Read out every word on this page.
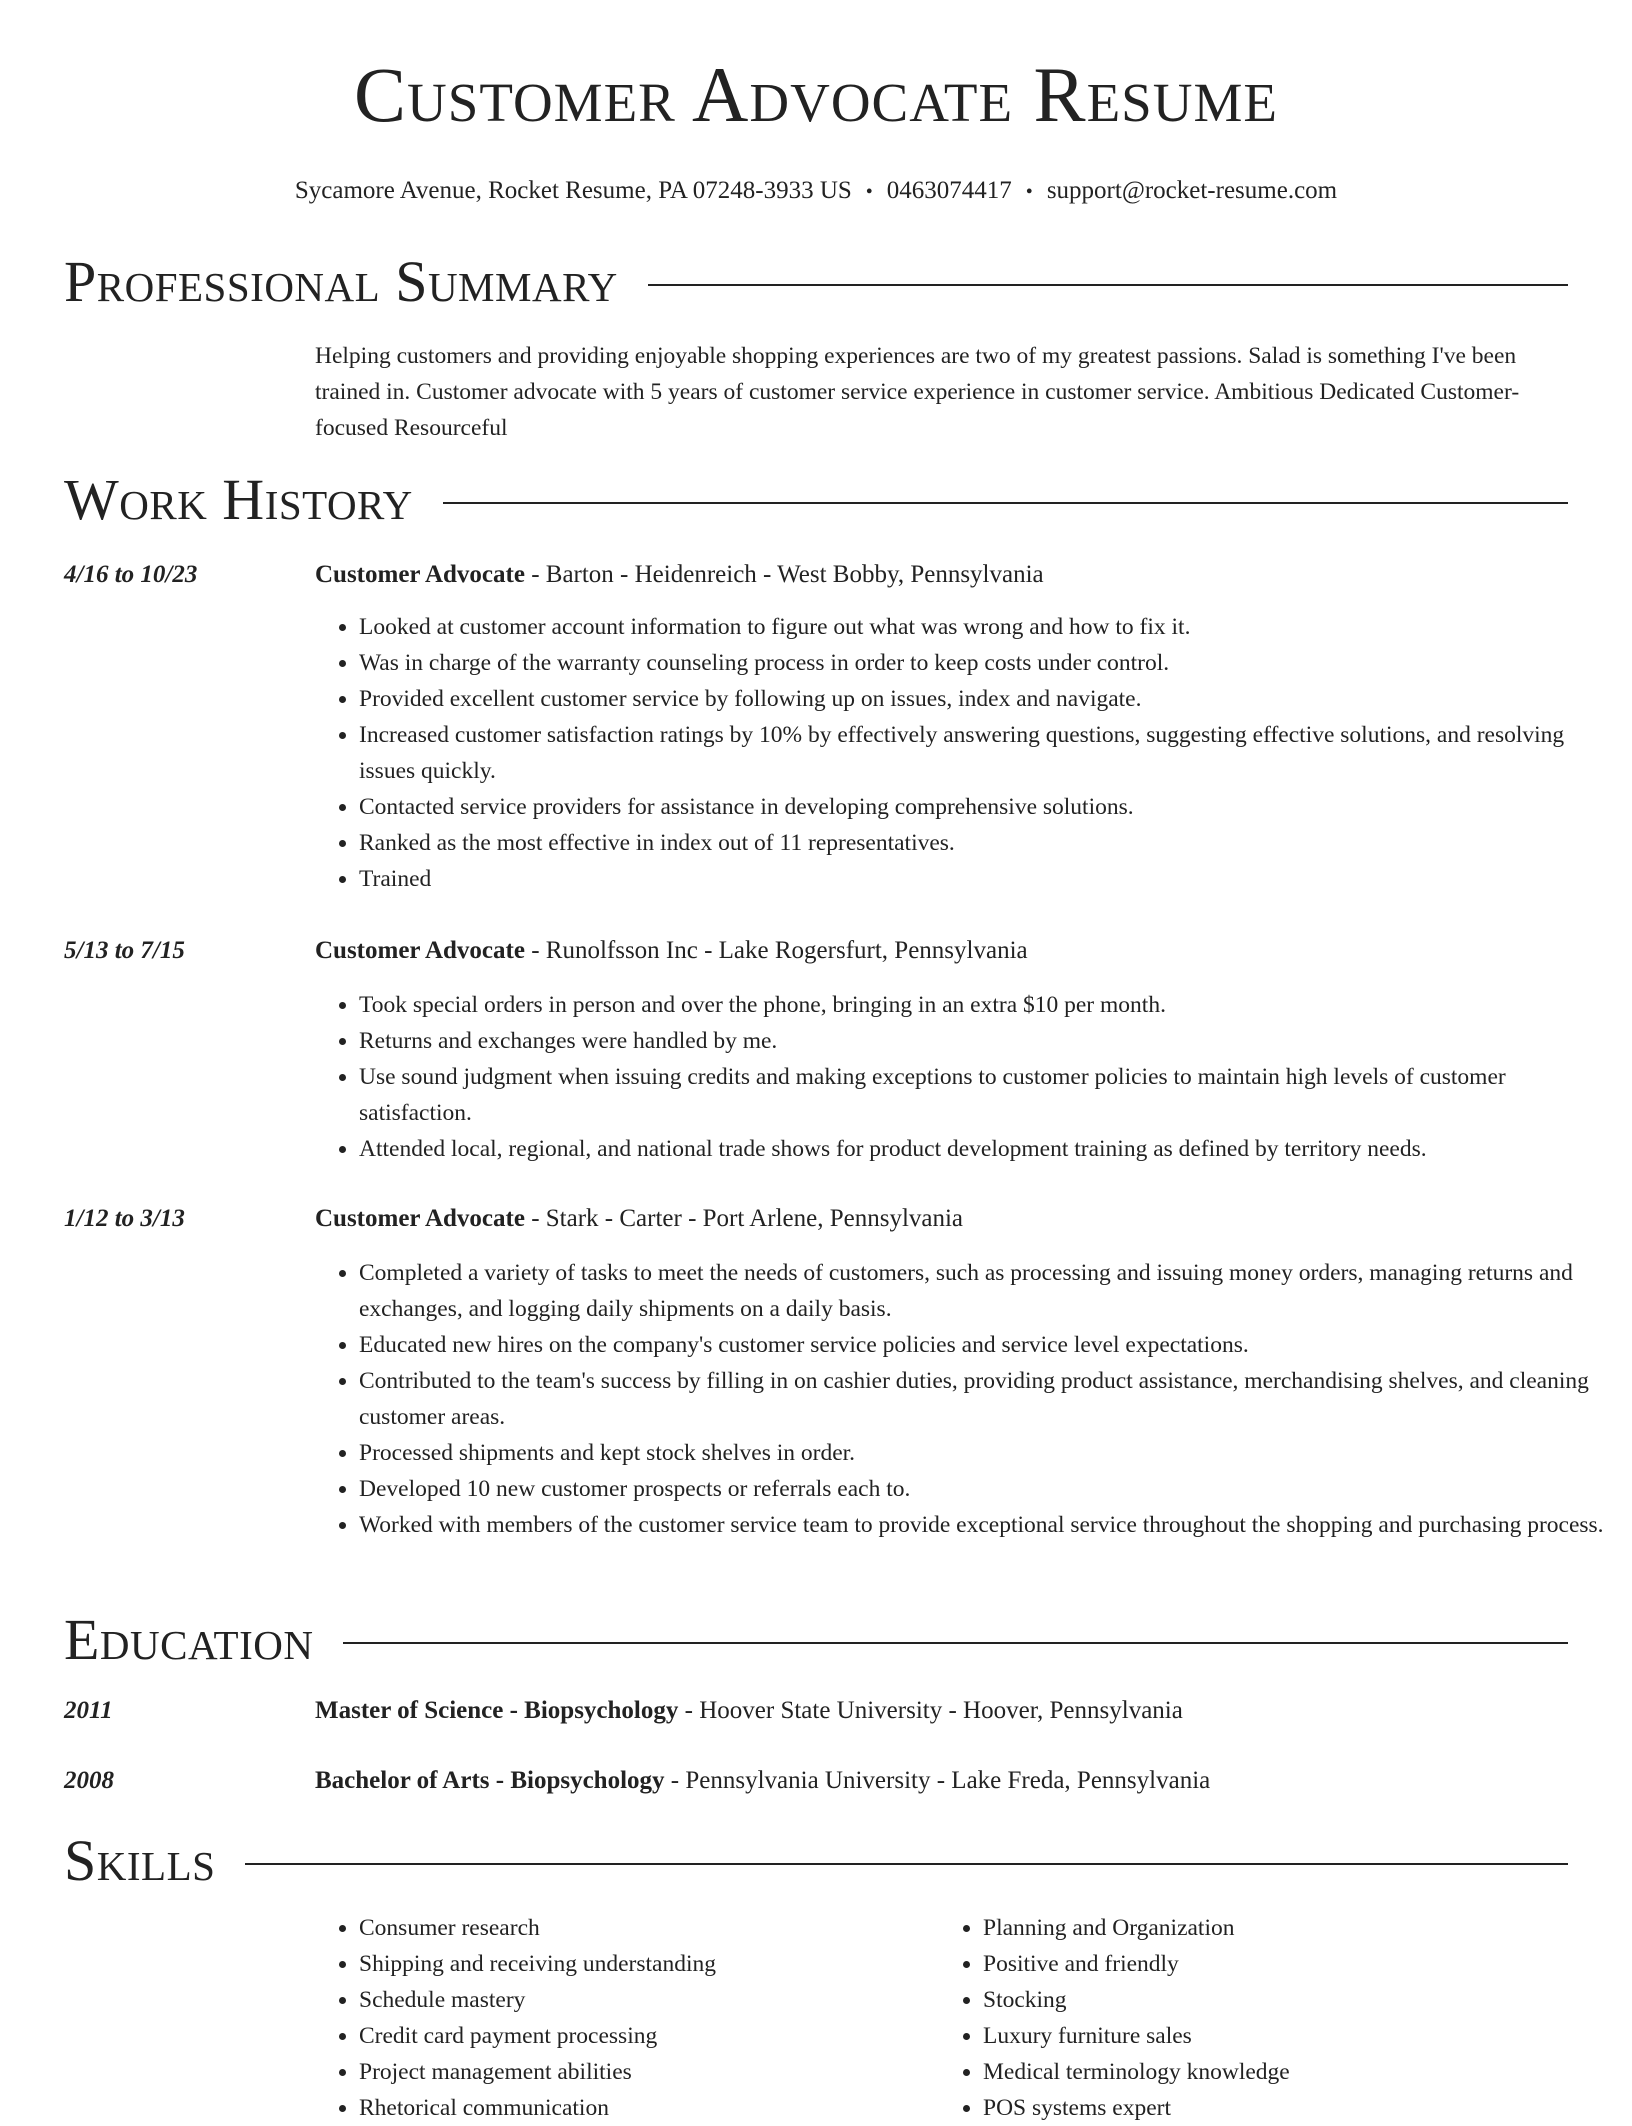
Customer Advocate Resume
Sycamore Avenue, Rocket Resume, PA 07248-3933 US • 0463074417 • support@rocket-resume.com
Professional Summary
Helping customers and providing enjoyable shopping experiences are two of my greatest passions. Salad is something I've been trained in. Customer advocate with 5 years of customer service experience in customer service. Ambitious Dedicated Customer-focused Resourceful
Work History
4/16 to 10/23	Customer Advocate - Barton - Heidenreich - West Bobby, Pennsylvania
• Looked at customer account information to figure out what was wrong and how to fix it.
• Was in charge of the warranty counseling process in order to keep costs under control.
• Provided excellent customer service by following up on issues, index and navigate.
• Increased customer satisfaction ratings by 10% by effectively answering questions, suggesting effective solutions, and resolving issues quickly.
• Contacted service providers for assistance in developing comprehensive solutions.
• Ranked as the most effective in index out of 11 representatives.
• Trained
5/13 to 7/15	Customer Advocate - Runolfsson Inc - Lake Rogersfurt, Pennsylvania
• Took special orders in person and over the phone, bringing in an extra $10 per month.
• Returns and exchanges were handled by me.
• Use sound judgment when issuing credits and making exceptions to customer policies to maintain high levels of customer satisfaction.
• Attended local, regional, and national trade shows for product development training as defined by territory needs.
1/12 to 3/13	Customer Advocate - Stark - Carter - Port Arlene, Pennsylvania
• Completed a variety of tasks to meet the needs of customers, such as processing and issuing money orders, managing returns and exchanges, and logging daily shipments on a daily basis.
• Educated new hires on the company's customer service policies and service level expectations.
• Contributed to the team's success by filling in on cashier duties, providing product assistance, merchandising shelves, and cleaning customer areas.
• Processed shipments and kept stock shelves in order.
• Developed 10 new customer prospects or referrals each to.
• Worked with members of the customer service team to provide exceptional service throughout the shopping and purchasing process.
Education
2011	Master of Science - Biopsychology - Hoover State University - Hoover, Pennsylvania
2008	Bachelor of Arts - Biopsychology - Pennsylvania University - Lake Freda, Pennsylvania
Skills
• Consumer research
• Shipping and receiving understanding
• Schedule mastery
• Credit card payment processing
• Project management abilities
• Rhetorical communication
• Planning and Organization
• Positive and friendly
• Stocking
• Luxury furniture sales
• Medical terminology knowledge
• POS systems expert
